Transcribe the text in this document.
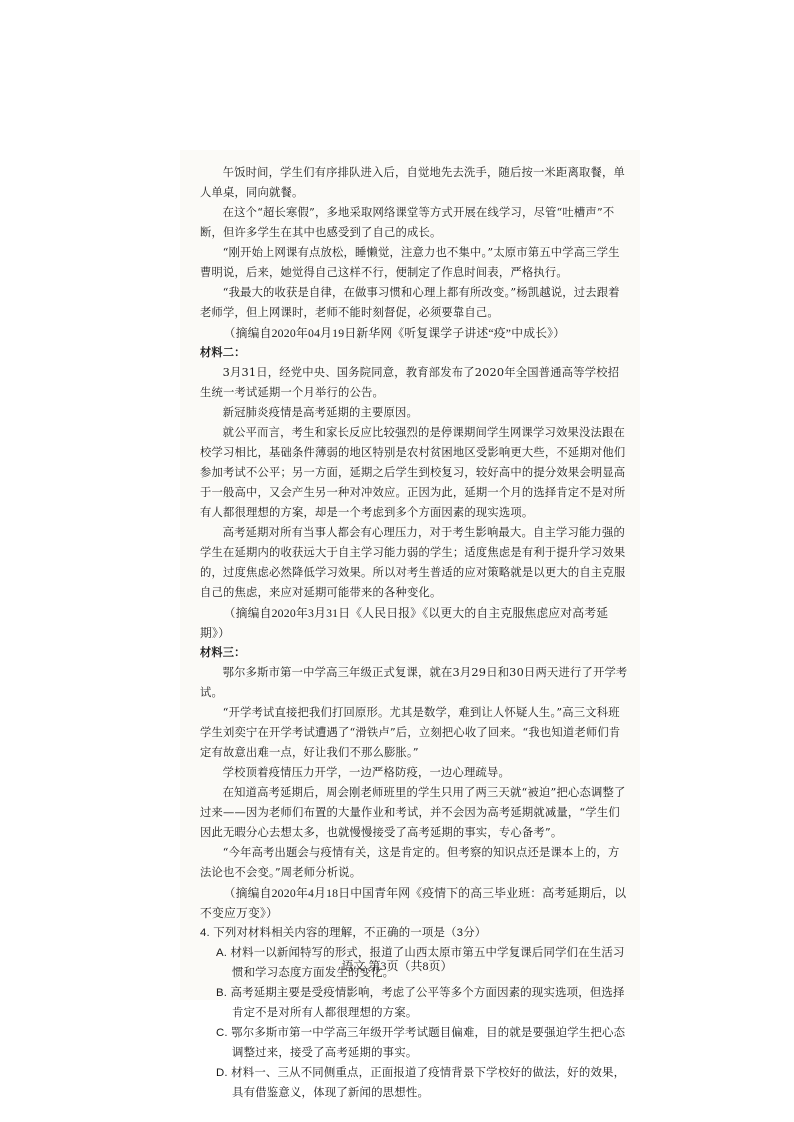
午饭时间，学生们有序排队进入后，自觉地先去洗手，随后按一米距离取餐，单人单桌，同向就餐。

在这个“超长寒假”，多地采取网络课堂等方式开展在线学习，尽管“吐槽声”不断，但许多学生在其中也感受到了自己的成长。

“刚开始上网课有点放松，睡懒觉，注意力也不集中。”太原市第五中学高三学生曹明说，后来，她觉得自己这样不行，便制定了作息时间表，严格执行。

“我最大的收获是自律，在做事习惯和心理上都有所改变。”杨凯越说，过去跟着老师学，但上网课时，老师不能时刻督促，必须要靠自己。

（摘编自2020年04月19日新华网《听复课学子讲述“疫”中成长》）

材料二：

3月31日，经党中央、国务院同意，教育部发布了2020年全国普通高等学校招生统一考试延期一个月举行的公告。

新冠肺炎疫情是高考延期的主要原因。

就公平而言，考生和家长反应比较强烈的是停课期间学生网课学习效果没法跟在校学习相比，基础条件薄弱的地区特别是农村贫困地区受影响更大些，不延期对他们参加考试不公平；另一方面，延期之后学生到校复习，较好高中的提分效果会明显高于一般高中，又会产生另一种对冲效应。正因为此，延期一个月的选择肯定不是对所有人都很理想的方案，却是一个考虑到多个方面因素的现实选项。

高考延期对所有当事人都会有心理压力，对于考生影响最大。自主学习能力强的学生在延期内的收获远大于自主学习能力弱的学生；适度焦虑是有利于提升学习效果的，过度焦虑必然降低学习效果。所以对考生普适的应对策略就是以更大的自主克服自己的焦虑，来应对延期可能带来的各种变化。

（摘编自2020年3月31日《人民日报》《以更大的自主克服焦虑应对高考延期》）

材料三：

鄂尔多斯市第一中学高三年级正式复课，就在3月29日和30日两天进行了开学考试。

“开学考试直接把我们打回原形。尤其是数学，难到让人怀疑人生。”高三文科班学生刘奕宁在开学考试遭遇了“滑铁卢”后，立刻把心收了回来。“我也知道老师们肯定有故意出难一点，好让我们不那么膨胀。”

学校顶着疫情压力开学，一边严格防疫，一边心理疏导。

在知道高考延期后，周会刚老师班里的学生只用了两三天就“被迫”把心态调整了过来——因为老师们布置的大量作业和考试，并不会因为高考延期就减量，“学生们因此无暇分心去想太多，也就慢慢接受了高考延期的事实，专心备考”。

“今年高考出题会与疫情有关，这是肯定的。但考察的知识点还是课本上的，方法论也不会变。”周老师分析说。

（摘编自2020年4月18日中国青年网《疫情下的高三毕业班：高考延期后，以不变应万变》）

4. 下列对材料相关内容的理解，不正确的一项是（3分）

A. 材料一以新闻特写的形式，报道了山西太原市第五中学复课后同学们在生活习惯和学习态度方面发生的变化。

B. 高考延期主要是受疫情影响，考虑了公平等多个方面因素的现实选项，但选择肯定不是对所有人都很理想的方案。

C. 鄂尔多斯市第一中学高三年级开学考试题目偏难，目的就是要强迫学生把心态调整过来，接受了高考延期的事实。

D. 材料一、三从不同侧重点，正面报道了疫情背景下学校好的做法，好的效果，具有借鉴意义，体现了新闻的思想性。

语文 第3页（共8页）
